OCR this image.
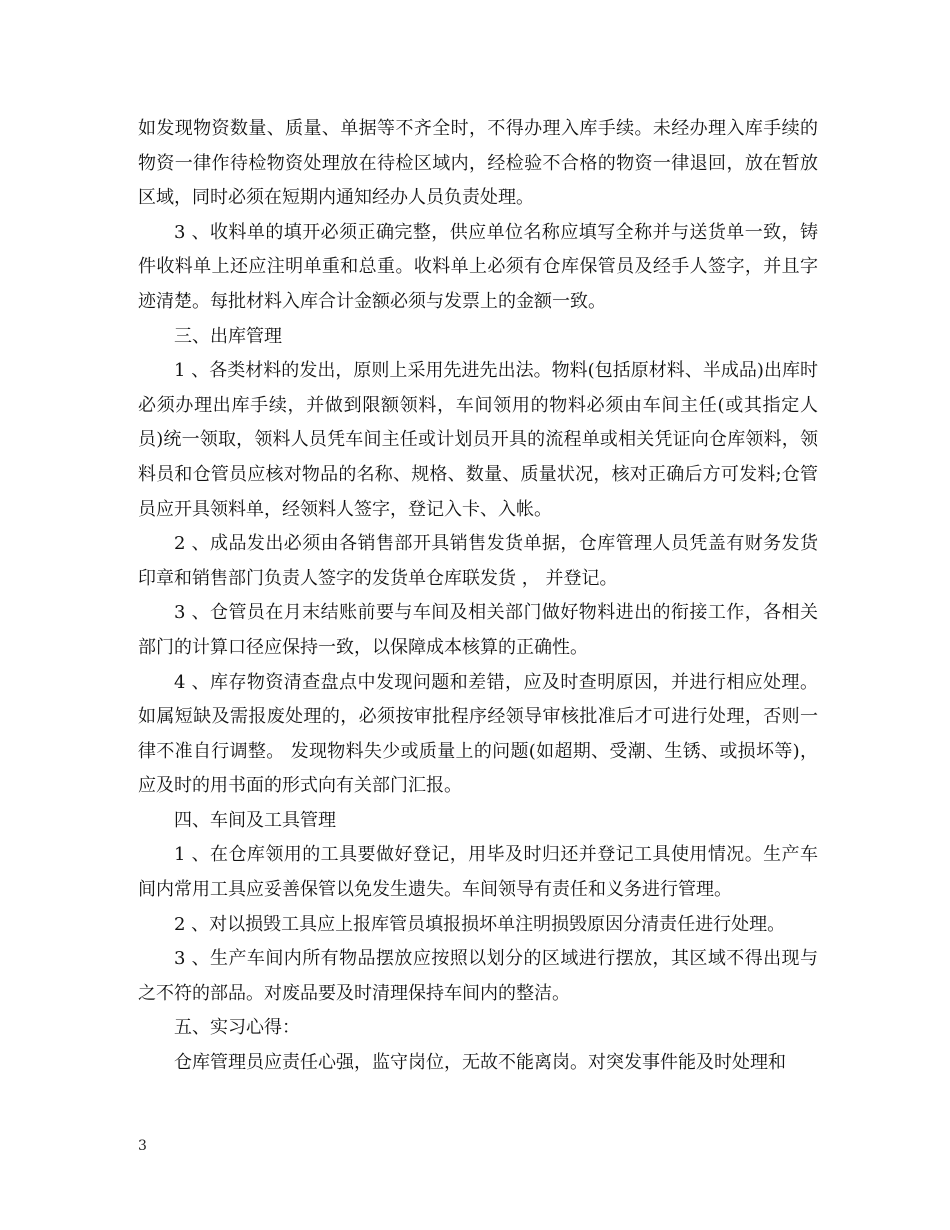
如发现物资数量、质量、单据等不齐全时，不得办理入库手续。未经办理入库手续的物资一律作待检物资处理放在待检区域内，经检验不合格的物资一律退回，放在暂放区域，同时必须在短期内通知经办人员负责处理。

3 、收料单的填开必须正确完整，供应单位名称应填写全称并与送货单一致，铸件收料单上还应注明单重和总重。收料单上必须有仓库保管员及经手人签字，并且字迹清楚。每批材料入库合计金额必须与发票上的金额一致。

三、出库管理

1 、各类材料的发出，原则上采用先进先出法。物料(包括原材料、半成品)出库时必须办理出库手续，并做到限额领料，车间领用的物料必须由车间主任(或其指定人员)统一领取，领料人员凭车间主任或计划员开具的流程单或相关凭证向仓库领料，领料员和仓管员应核对物品的名称、规格、数量、质量状况，核对正确后方可发料;仓管员应开具领料单，经领料人签字，登记入卡、入帐。

2 、成品发出必须由各销售部开具销售发货单据，仓库管理人员凭盖有财务发货印章和销售部门负责人签字的发货单仓库联发货 ， 并登记。

3 、仓管员在月末结账前要与车间及相关部门做好物料进出的衔接工作，各相关部门的计算口径应保持一致，以保障成本核算的正确性。

4 、库存物资清查盘点中发现问题和差错，应及时查明原因，并进行相应处理。如属短缺及需报废处理的，必须按审批程序经领导审核批准后才可进行处理，否则一律不准自行调整。 发现物料失少或质量上的问题(如超期、受潮、生锈、或损坏等)，应及时的用书面的形式向有关部门汇报。

四、车间及工具管理

1 、在仓库领用的工具要做好登记，用毕及时归还并登记工具使用情况。生产车间内常用工具应妥善保管以免发生遗失。车间领导有责任和义务进行管理。

2 、对以损毁工具应上报库管员填报损坏单注明损毁原因分清责任进行处理。

3 、生产车间内所有物品摆放应按照以划分的区域进行摆放，其区域不得出现与之不符的部品。对废品要及时清理保持车间内的整洁。

五、实习心得：

仓库管理员应责任心强，监守岗位，无故不能离岗。对突发事件能及时处理和

3
